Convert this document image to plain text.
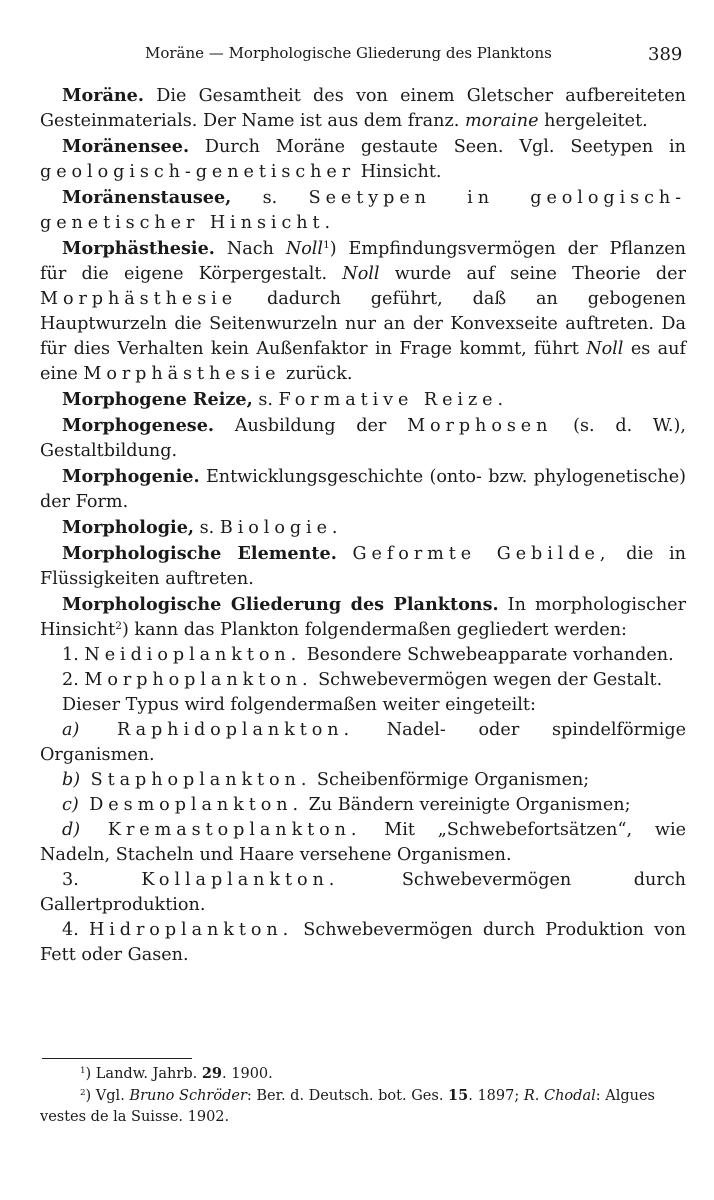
Moräne — Morphologische Gliederung des Planktons	389

Moräne. Die Gesamtheit des von einem Gletscher aufbereiteten Gesteinmaterials. Der Name ist aus dem franz. moraine hergeleitet.

Moränensee. Durch Moräne gestaute Seen. Vgl. Seetypen in geologisch-genetischer Hinsicht.

Moränenstausee, s. Seetypen in geologisch-genetischer Hinsicht.

Morphästhesie. Nach Noll$^1$) Empfindungsvermögen der Pflanzen für die eigene Körpergestalt. Noll wurde auf seine Theorie der Morphästhesie dadurch geführt, daß an gebogenen Hauptwurzeln die Seitenwurzeln nur an der Konvexseite auftreten. Da für dies Verhalten kein Außenfaktor in Frage kommt, führt Noll es auf eine Morphästhesie zurück.

Morphogene Reize, s. Formative Reize.

Morphogenese. Ausbildung der Morphosen (s. d. W.), Gestaltbildung.

Morphogenie. Entwicklungsgeschichte (onto- bzw. phylogenetische) der Form.

Morphologie, s. Biologie.

Morphologische Elemente. Geformte Gebilde, die in Flüssigkeiten auftreten.

Morphologische Gliederung des Planktons. In morphologischer Hinsicht$^2$) kann das Plankton folgendermaßen gegliedert werden:

1. Neidioplankton. Besondere Schwebeapparate vorhanden.

2. Morphoplankton. Schwebevermögen wegen der Gestalt.

Dieser Typus wird folgendermaßen weiter eingeteilt:

a) Raphidoplankton. Nadel- oder spindelförmige Organismen.

b) Staphoplankton. Scheibenförmige Organismen;

c) Desmoplankton. Zu Bändern vereinigte Organismen;

d) Kremastoplankton. Mit „Schwebefortsätzen“, wie Nadeln, Stacheln und Haare versehene Organismen.

3. Kollaplankton. Schwebevermögen durch Gallertproduktion.

4. Hidroplankton. Schwebevermögen durch Produktion von Fett oder Gasen.

$^1$) Landw. Jahrb. 29. 1900.

$^2$) Vgl. Bruno Schröder: Ber. d. Deutsch. bot. Ges. 15. 1897; R. Chodal: Algues vestes de la Suisse. 1902.
